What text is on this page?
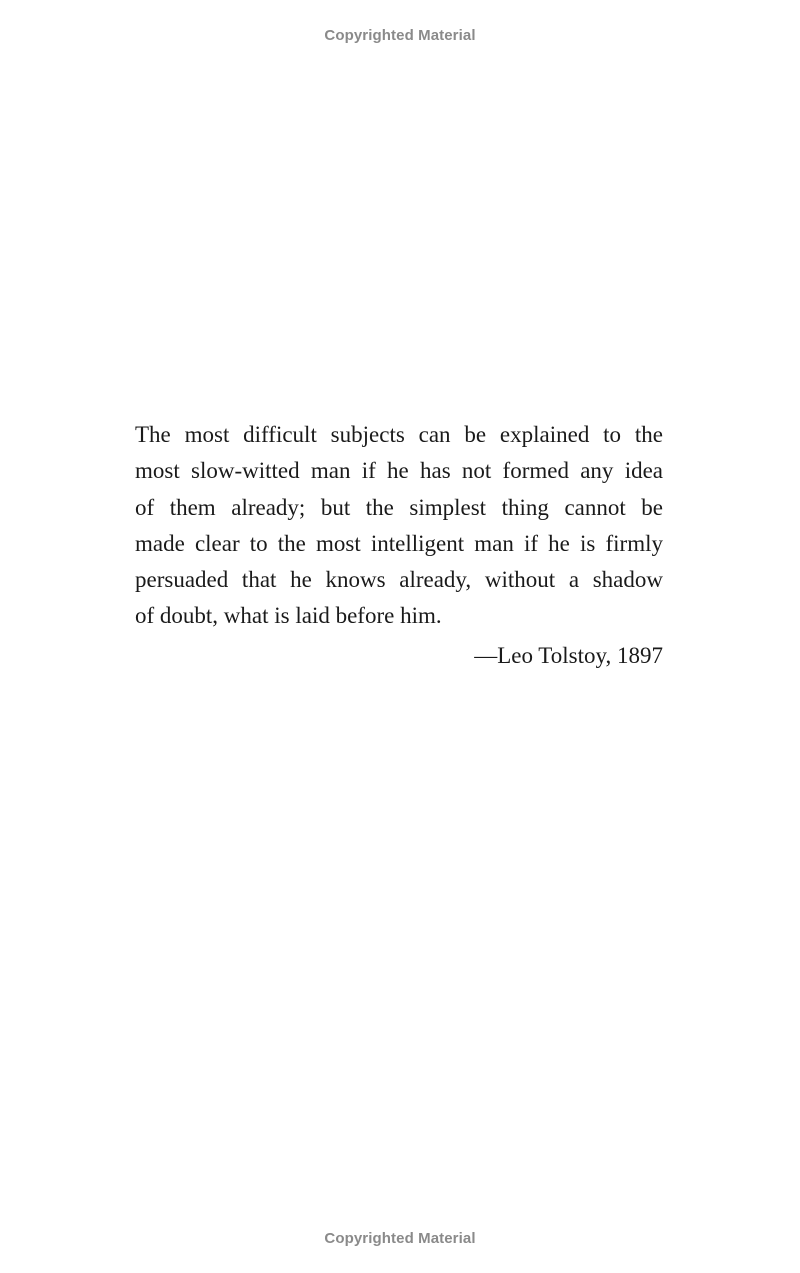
Copyrighted Material
The most difficult subjects can be explained to the
most slow-witted man if he has not formed any idea
of them already; but the simplest thing cannot be
made clear to the most intelligent man if he is firmly
persuaded that he knows already, without a shadow
of doubt, what is laid before him.
—Leo Tolstoy, 1897
Copyrighted Material
